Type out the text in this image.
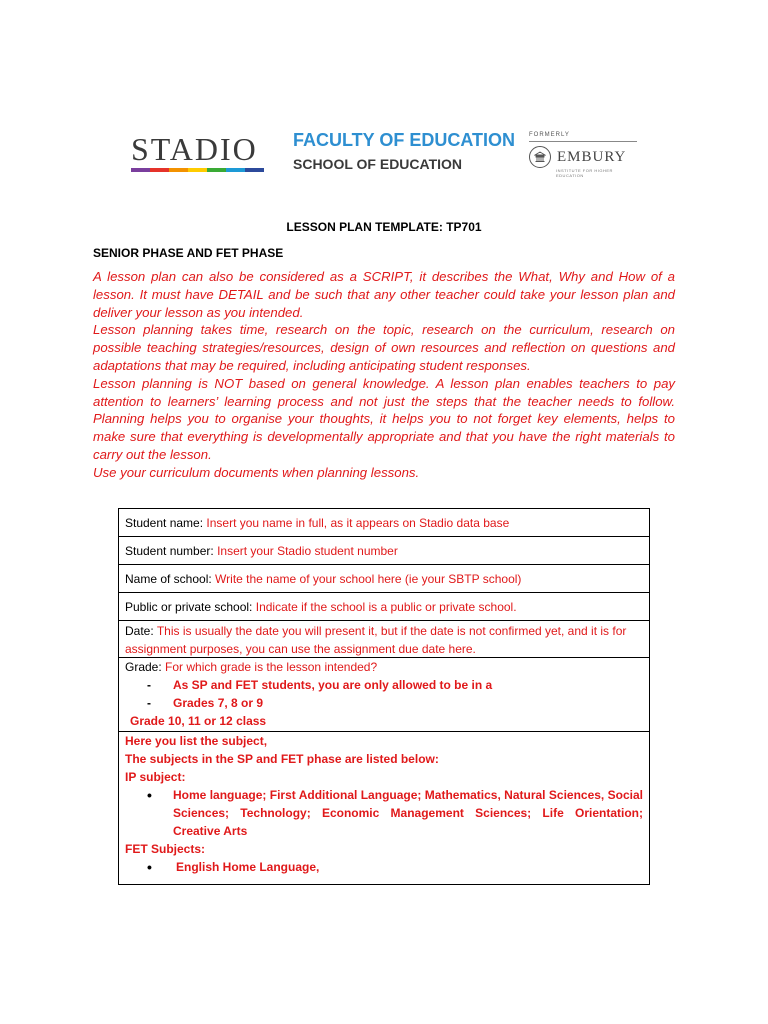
STADIO	FACULTY OF EDUCATION
SCHOOL OF EDUCATION
FORMERLY
EMBURY
INSTITUTE FOR HIGHER EDUCATION
LESSON PLAN TEMPLATE: TP701
SENIOR PHASE AND FET PHASE

A lesson plan can also be considered as a SCRIPT, it describes the What, Why and How of a lesson. It must have DETAIL and be such that any other teacher could take your lesson plan and deliver your lesson as you intended.

Lesson planning takes time, research on the topic, research on the curriculum, research on possible teaching strategies/resources, design of own resources and reflection on questions and adaptations that may be required, including anticipating student responses.

Lesson planning is NOT based on general knowledge. A lesson plan enables teachers to pay attention to learners’ learning process and not just the steps that the teacher needs to follow. Planning helps you to organise your thoughts, it helps you to not forget key elements, helps to make sure that everything is developmentally appropriate and that you have the right materials to carry out the lesson.

Use your curriculum documents when planning lessons.

Student name: Insert you name in full, as it appears on Stadio data base
Student number: Insert your Stadio student number
Name of school: Write the name of your school here (ie your SBTP school)
Public or private school: Indicate if the school is a public or private school.
Date: This is usually the date you will present it, but if the date is not confirmed yet, and it is for assignment purposes, you can use the assignment due date here.
Grade: For which grade is the lesson intended?
-	As SP and FET students, you are only allowed to be in a
-	Grades 7, 8 or 9
Grade 10, 11 or 12 class
Here you list the subject,
The subjects in the SP and FET phase are listed below:
IP subject:
•	Home language; First Additional Language; Mathematics, Natural Sciences, Social Sciences; Technology; Economic Management Sciences; Life Orientation; Creative Arts
FET Subjects:
•	English Home Language,
